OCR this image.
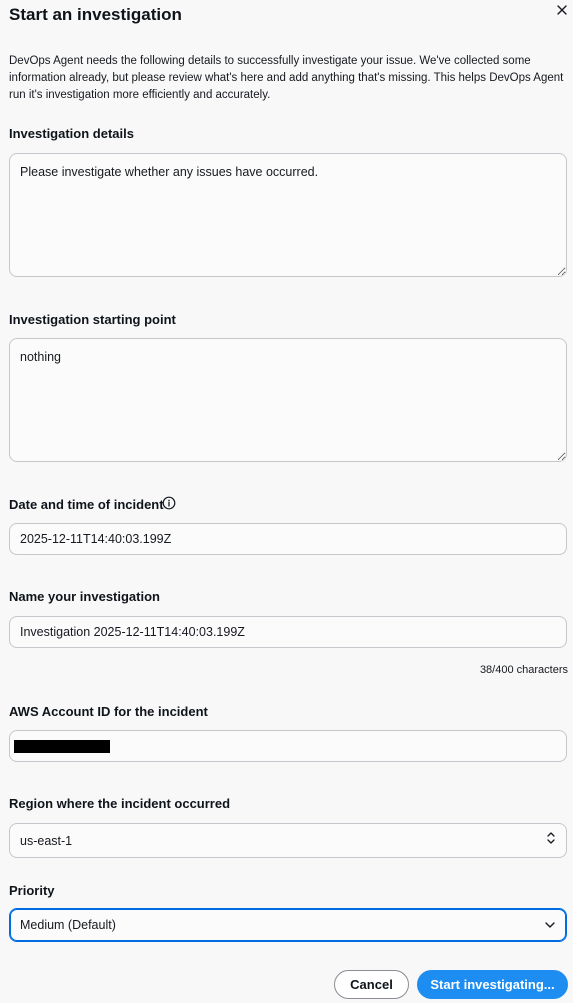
Start an investigation
DevOps Agent needs the following details to successfully investigate your issue. We've collected some information already, but please review what's here and add anything that's missing. This helps DevOps Agent run it's investigation more efficiently and accurately.
Investigation details
Please investigate whether any issues have occurred.
Investigation starting point
nothing
Date and time of incident
2025-12-11T14:40:03.199Z
Name your investigation
Investigation 2025-12-11T14:40:03.199Z
38/400 characters
AWS Account ID for the incident
Region where the incident occurred
us-east-1
Priority
Medium (Default)
Cancel	Start investigating...
